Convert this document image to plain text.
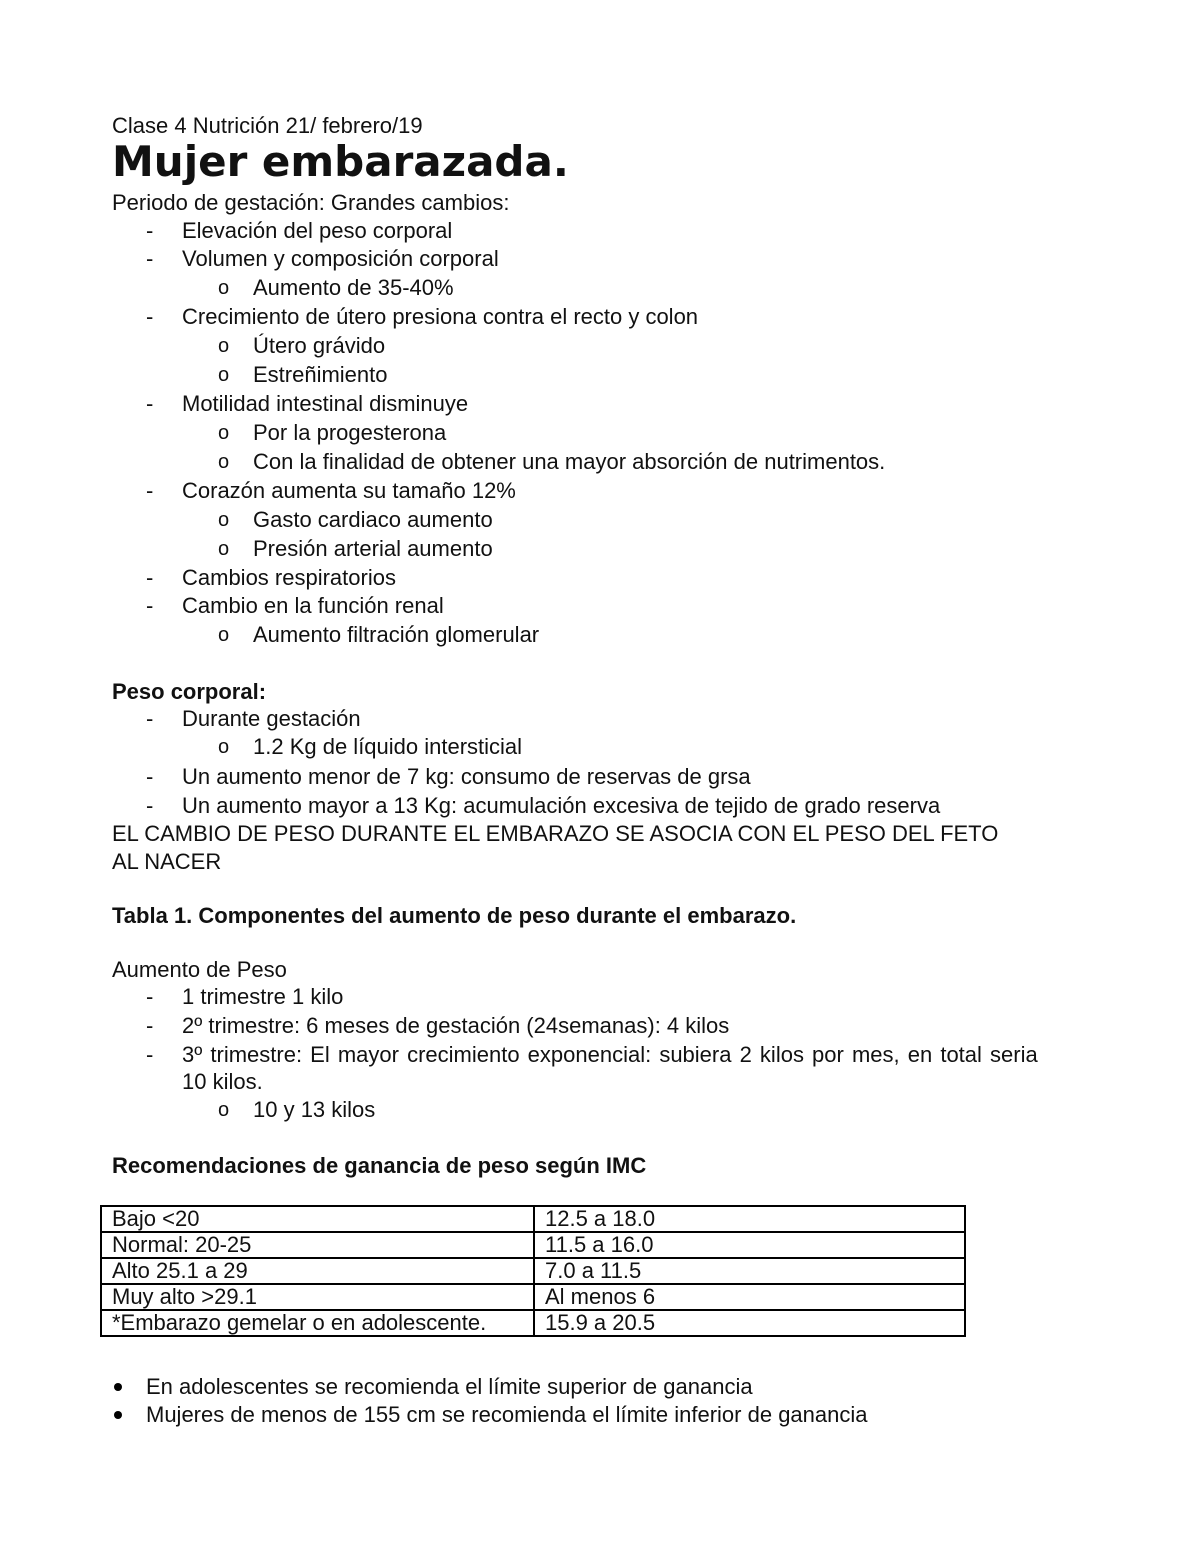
Clase 4 Nutrición 21/ febrero/19
Mujer embarazada.
Periodo de gestación: Grandes cambios:
- Elevación del peso corporal
- Volumen y composición corporal
o Aumento de 35-40%
- Crecimiento de útero presiona contra el recto y colon
o Útero grávido
o Estreñimiento
- Motilidad intestinal disminuye
o Por la progesterona
o Con la finalidad de obtener una mayor absorción de nutrimentos.
- Corazón aumenta su tamaño 12%
o Gasto cardiaco aumento
o Presión arterial aumento
- Cambios respiratorios
- Cambio en la función renal
o Aumento filtración glomerular
Peso corporal:
- Durante gestación
o 1.2 Kg de líquido intersticial
- Un aumento menor de 7 kg: consumo de reservas de grsa
- Un aumento mayor a 13 Kg: acumulación excesiva de tejido de grado reserva
EL CAMBIO DE PESO DURANTE EL EMBARAZO SE ASOCIA CON EL PESO DEL FETO
AL NACER
Tabla 1. Componentes del aumento de peso durante el embarazo.
Aumento de Peso
- 1 trimestre 1 kilo
- 2º trimestre: 6 meses de gestación (24semanas): 4 kilos
- 3º trimestre: El mayor crecimiento exponencial: subiera 2 kilos por mes, en total seria
10 kilos.
o 10 y 13 kilos
Recomendaciones de ganancia de peso según IMC
Bajo <20	12.5 a 18.0
Normal: 20-25	11.5 a 16.0
Alto 25.1 a 29	7.0 a 11.5
Muy alto >29.1	Al menos 6
*Embarazo gemelar o en adolescente.	15.9 a 20.5
En adolescentes se recomienda el límite superior de ganancia
Mujeres de menos de 155 cm se recomienda el límite inferior de ganancia
